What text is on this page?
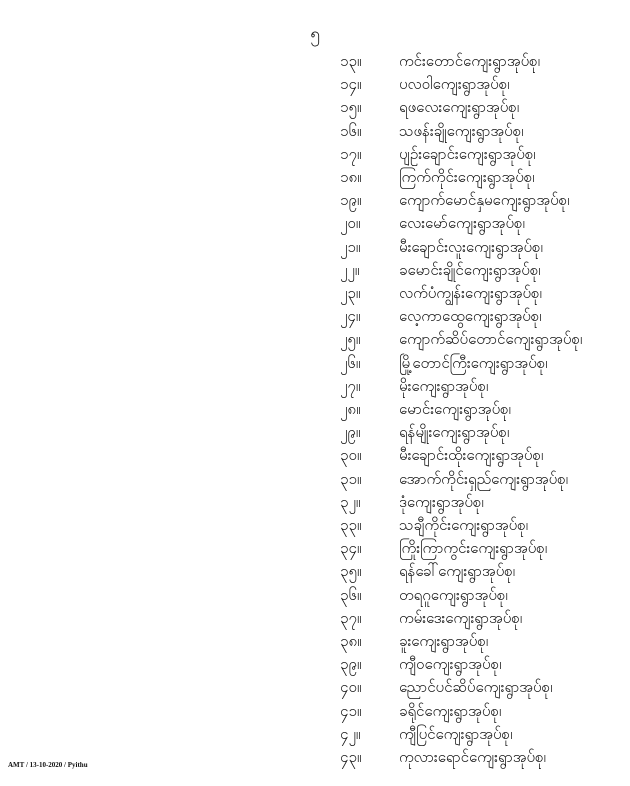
၅
၁၃။	ကင်းတောင်ကျေးရွာအုပ်စု၊
၁၄။	ပလဝါကျေးရွာအုပ်စု၊
၁၅။	ရဖလေးကျေးရွာအုပ်စု၊
၁၆။	သဖန်းချိုကျေးရွာအုပ်စု၊
၁၇။	ပျဉ်းချောင်းကျေးရွာအုပ်စု၊
၁၈။	ကြက်ကိုင်းကျေးရွာအုပ်စု၊
၁၉။	ကျောက်မောင်နှမကျေးရွာအုပ်စု၊
၂၀။	လေးမော်ကျေးရွာအုပ်စု၊
၂၁။	မီးချောင်းလူးကျေးရွာအုပ်စု၊
၂၂။	ခမောင်းချိုင်ကျေးရွာအုပ်စု၊
၂၃။	လက်ပံကျွန်းကျေးရွာအုပ်စု၊
၂၄။	လေ့ကာထွေကျေးရွာအုပ်စု၊
၂၅။	ကျောက်ဆိပ်တောင်ကျေးရွာအုပ်စု၊
၂၆။	မြို့တောင်ကြီးကျေးရွာအုပ်စု၊
၂၇။	မိုးကျေးရွာအုပ်စု၊
၂၈။	မောင်းကျေးရွာအုပ်စု၊
၂၉။	ရန်မျိုးကျေးရွာအုပ်စု၊
၃၀။	မီးချောင်းထိုးကျေးရွာအုပ်စု၊
၃၁။	အောက်ကိုင်းရှည်ကျေးရွာအုပ်စု၊
၃၂။	ဒုံကျေးရွာအုပ်စု၊
၃၃။	သချီကိုင်းကျေးရွာအုပ်စု၊
၃၄။	ကြိုးကြာကွင်းကျေးရွာအုပ်စု၊
၃၅။	ရန်ခေါ်ကျေးရွာအုပ်စု၊
၃၆။	တရဂူကျေးရွာအုပ်စု၊
၃၇။	ကမ်းဒေးကျေးရွာအုပ်စု၊
၃၈။	ခူးကျေးရွာအုပ်စု၊
၃၉။	ကျီဝကျေးရွာအုပ်စု၊
၄၀။	ညောင်ပင်ဆိပ်ကျေးရွာအုပ်စု၊
၄၁။	ခရိုင်ကျေးရွာအုပ်စု၊
၄၂။	ကျီပြင်ကျေးရွာအုပ်စု၊
၄၃။	ကုလားရောင်ကျေးရွာအုပ်စု၊
AMT / 13-10-2020 / Pyithu
